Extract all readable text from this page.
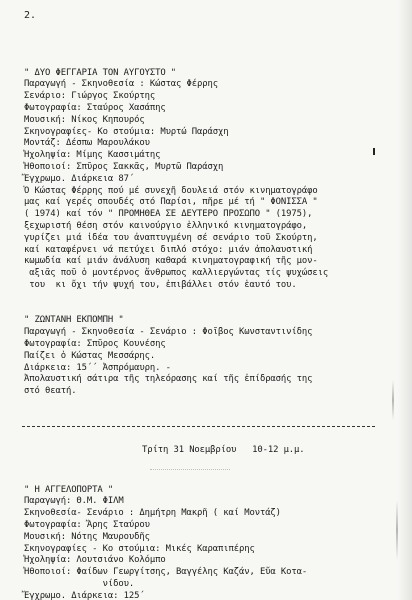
2.

" ΔΥΟ ΦΕΓΓΑΡΙΑ ΤΟΝ ΑΥΓΟΥΣΤΟ "
Παραγωγή - Σκηνοθεσία : Κώστας Φέρρης
Σενάριο: Γιώργος Σκούρτης
Φωτογραφία: Σταύρος Χασάπης
Μουσική: Νίκος Κηπουρός
Σκηνογραφίες- Κο στούμια: Μυρτώ Παράσχη
Μοντάζ: Δέσπω Μαρουλάκου
Ἠχοληψία: Μίμης Κασσιμάτης
Ἠθοποιοί: Σπῦρος Σακκᾶς, Μυρτῶ Παράσχη
Ἔγχρωμο. Διάρκεια 87΄
Ὁ Κώστας Φέρρης πού μέ συνεχῆ δουλειά στόν κινηματογράφο
μας καί γερές σπουδές στό Παρίσι, πῆρε μέ τή " ΦΟΝΙΣΣΑ "
( 1974) καί τόν " ΠΡΟΜΗΘΕΑ ΣΕ ΔΕΥΤΕΡΟ ΠΡΟΣΩΠΟ " (1975),
ξεχωριστή θέση στόν καινούργιο ἑλληνικό κινηματογράφο,
γυρίζει μιά ἰδέα του ἀναπτυγμένη σέ σενάριο τοῦ Σκούρτη,
καί καταφέρνει νά πετύχει διπλό στόχο: μιάν ἀπολαυστική
κωμωδία καί μιάν ἀνάλυση καθαρά κινηματογραφική τῆς μον-
αξιᾶς ποῦ ὁ μοντέρνος ἄνθρωπος καλλιεργώντας τίς ψυχώσεις
του  κι ὄχι τήν ψυχή του, ἐπιβάλλει στόν ἑαυτό του.

" ΖΩΝΤΑΝΗ ΕΚΠΟΜΠΗ "
Παραγωγή - Σκηνοθεσία - Σενάριο : Φοῖβος Κωνσταντινίδης
Φωτογραφία: Σπῦρος Κουνέσης
Παίζει ὁ Κώστας Μεσσάρης.
Διάρκεια: 15΄΄ Ἀσπρόμαυρη. -
Ἀπολαυστική σάτιρα τῆς τηλεόρασης καί τῆς ἐπίδρασής της
στό θεατή.

Τρίτη 31 Νοεμβρίου   10-12 μ.μ.

" Η ΑΓΓΕΛΟΠΟΡΤΑ "
Παραγωγή: Θ.Μ. ΦΙΛΜ
Σκηνοθεσία- Σενάριο : Δημήτρη Μακρῆ ( καί Μοντάζ)
Φωτογραφία: Ἄρης Σταύρου
Μουσική: Νότης Μαυρουδῆς
Σκηνογραφίες - Κο στούμια: Μικές Καραπιπέρης
Ἠχοληψία: Λουτσιάνο Κολόμπο
Ἠθοποιοί: Φαίδων Γεωργίτσης, Βαγγέλης Καζάν, Εὔα Κοτα-
νίδου.
Ἔγχρωμο. Διάρκεια: 125΄
